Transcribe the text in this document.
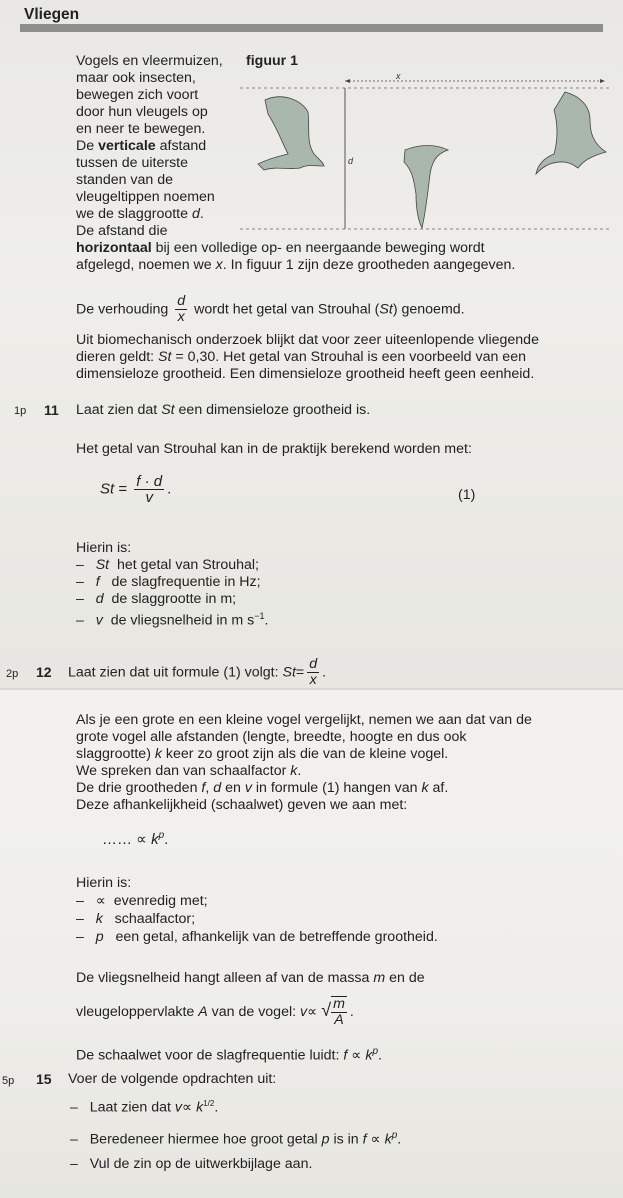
Vliegen
Vogels en vleermuizen,
maar ook insecten,
bewegen zich voort
door hun vleugels op
en neer te bewegen.
De verticale afstand
tussen de uiterste
standen van de
vleugeltippen noemen
we de slaggrootte d.
De afstand die
horizontaal bij een volledige op- en neergaande beweging wordt
afgelegd, noemen we x. In figuur 1 zijn deze grootheden aangegeven.
figuur 1
x
d
De verhouding $\frac{d}{x}$ wordt het getal van Strouhal (St) genoemd.
Uit biomechanisch onderzoek blijkt dat voor zeer uiteenlopende vliegende
dieren geldt: St = 0,30. Het getal van Strouhal is een voorbeeld van een
dimensieloze grootheid. Een dimensieloze grootheid heeft geen eenheid.
1p 11 Laat zien dat St een dimensieloze grootheid is.
Het getal van Strouhal kan in de praktijk berekend worden met:
$St = \frac{f \cdot d}{v}$ .	(1)
Hierin is:
– St het getal van Strouhal;
– f de slagfrequentie in Hz;
– d de slaggrootte in m;
– v de vliegsnelheid in m $s^{-1}$.
2p 12 Laat zien dat uit formule (1) volgt: $St= \frac{d}{x}$ .
Als je een grote en een kleine vogel vergelijkt, nemen we aan dat van de
grote vogel alle afstanden (lengte, breedte, hoogte en dus ook
slaggrootte) k keer zo groot zijn als die van de kleine vogel.
We spreken dan van schaalfactor k.
De drie grootheden f, d en v in formule (1) hangen van k af.
Deze afhankelijkheid (schaalwet) geven we aan met:
…… ∝ $k^p$.
Hierin is:
– ∝ evenredig met;
– k schaalfactor;
– p een getal, afhankelijk van de betreffende grootheid.
De vliegsnelheid hangt alleen af van de massa m en de
vleugeloppervlakte A van de vogel: v∝ √ $\frac{m}{A}$ .
De schaalwet voor de slagfrequentie luidt: $f \propto k^p$.
5p 15 Voer de volgende opdrachten uit:
– Laat zien dat $v\propto k^{1/2}$.
– Beredeneer hiermee hoe groot getal p is in $f \propto k^p$.
– Vul de zin op de uitwerkbijlage aan.
